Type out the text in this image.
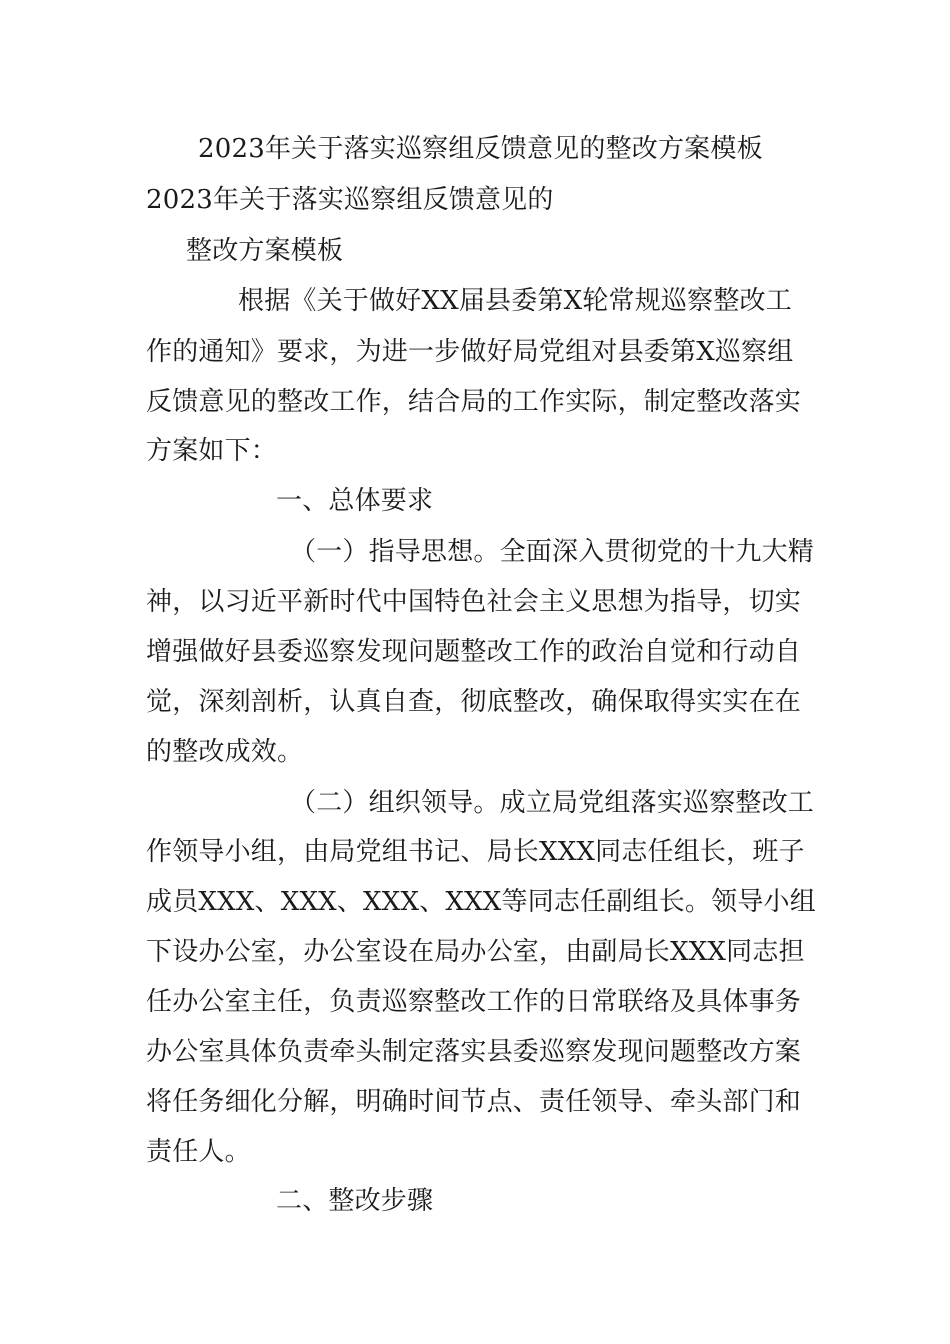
2023年关于落实巡察组反馈意见的整改方案模板
2023年关于落实巡察组反馈意见的
整改方案模板
根据《关于做好XX届县委第X轮常规巡察整改工
作的通知》要求，为进一步做好局党组对县委第X巡察组
反馈意见的整改工作，结合局的工作实际，制定整改落实
方案如下：
一、总体要求
（一）指导思想。全面深入贯彻党的十九大精
神，以习近平新时代中国特色社会主义思想为指导，切实
增强做好县委巡察发现问题整改工作的政治自觉和行动自
觉，深刻剖析，认真自查，彻底整改，确保取得实实在在
的整改成效。
（二）组织领导。成立局党组落实巡察整改工
作领导小组，由局党组书记、局长XXX同志任组长，班子
成员XXX、XXX、XXX、XXX等同志任副组长。领导小组
下设办公室，办公室设在局办公室，由副局长XXX同志担
任办公室主任，负责巡察整改工作的日常联络及具体事务
办公室具体负责牵头制定落实县委巡察发现问题整改方案
将任务细化分解，明确时间节点、责任领导、牵头部门和
责任人。
二、整改步骤
